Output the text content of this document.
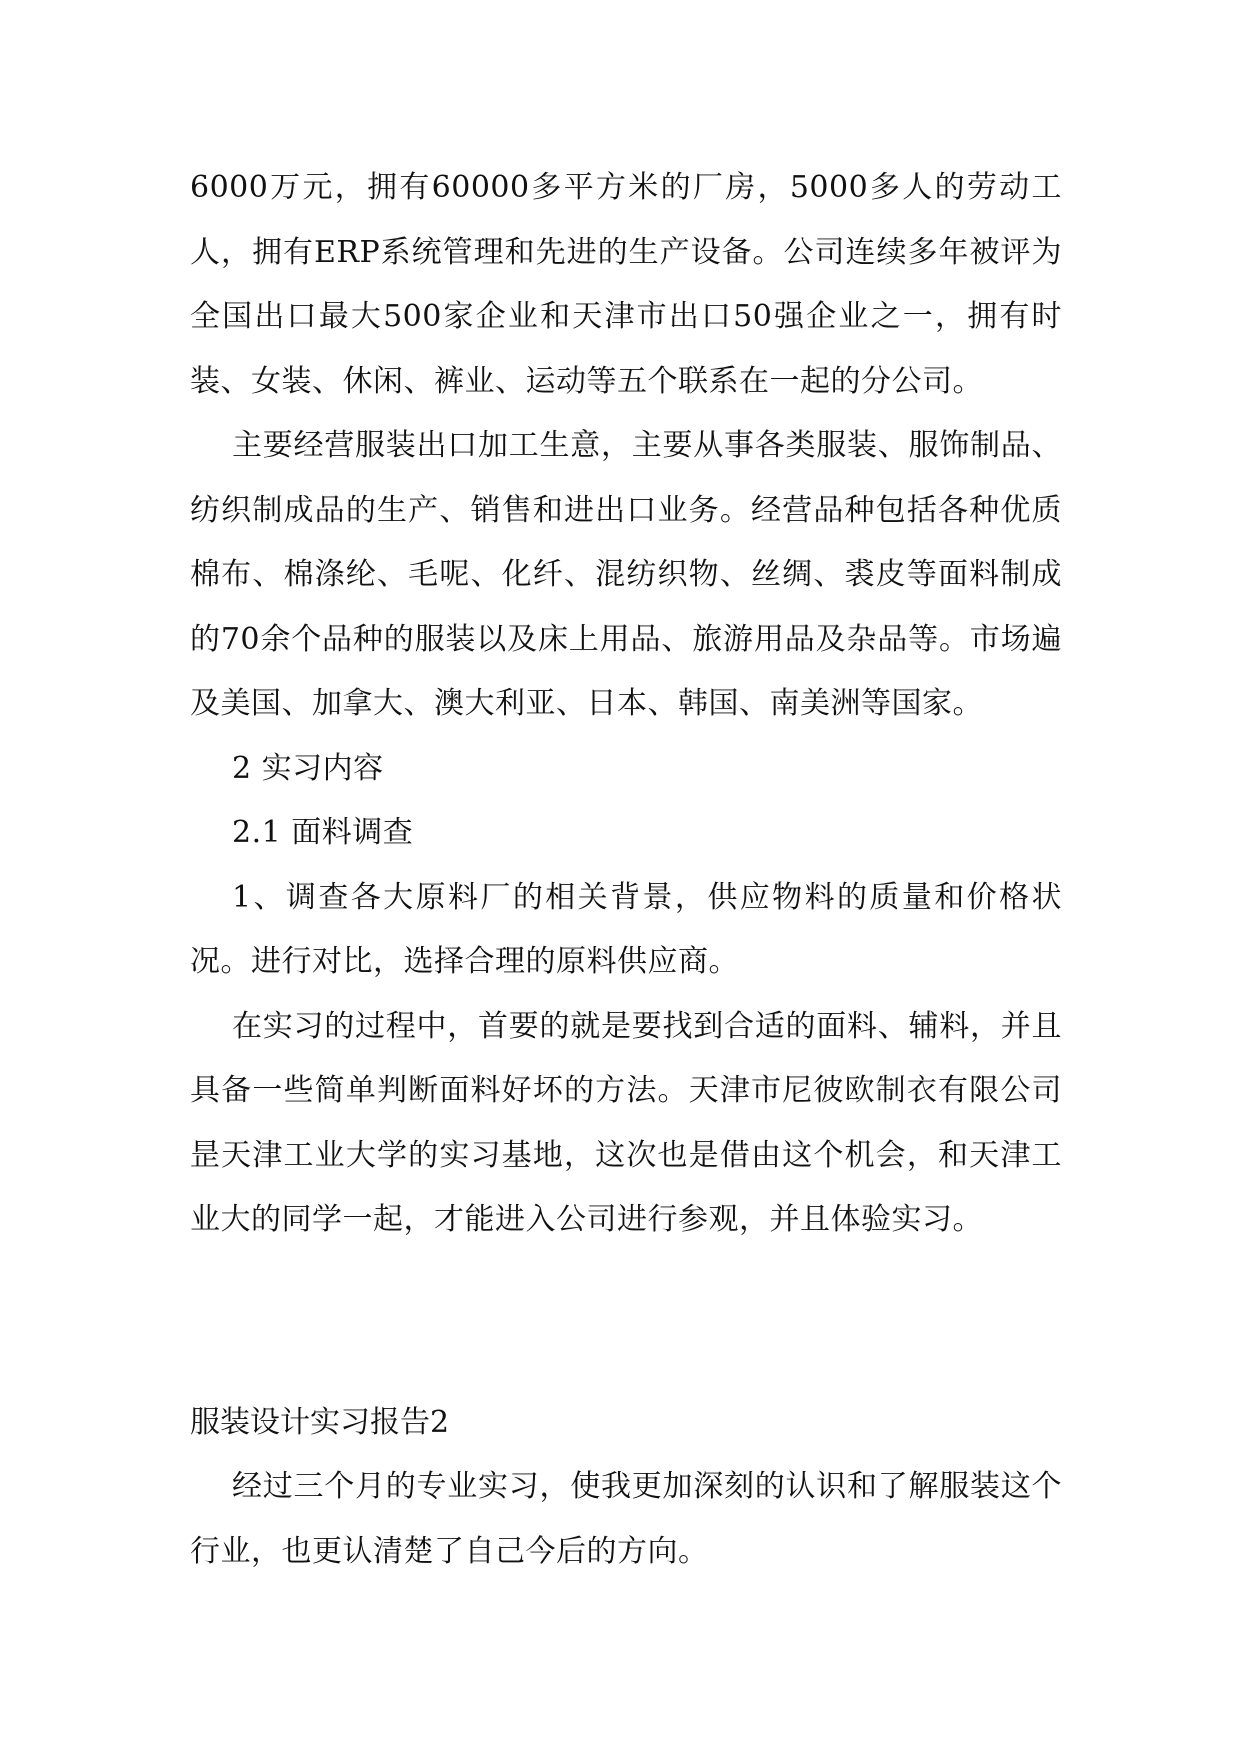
6000万元，拥有60000多平方米的厂房，5000多人的劳动工人，拥有ERP系统管理和先进的生产设备。公司连续多年被评为全国出口最大500家企业和天津市出口50强企业之一，拥有时装、女装、休闲、裤业、运动等五个联系在一起的分公司。

主要经营服装出口加工生意，主要从事各类服装、服饰制品、纺织制成品的生产、销售和进出口业务。经营品种包括各种优质棉布、棉涤纶、毛呢、化纤、混纺织物、丝绸、裘皮等面料制成的70余个品种的服装以及床上用品、旅游用品及杂品等。市场遍及美国、加拿大、澳大利亚、日本、韩国、南美洲等国家。

2 实习内容

2.1 面料调查

1、调查各大原料厂的相关背景，供应物料的质量和价格状况。进行对比，选择合理的原料供应商。

在实习的过程中，首要的就是要找到合适的面料、辅料，并且具备一些简单判断面料好坏的方法。天津市尼彼欧制衣有限公司昰天津工业大学的实习基地，这次也是借由这个机会，和天津工业大的同学一起，才能进入公司进行参观，并且体验实习。

服装设计实习报告2

经过三个月的专业实习，使我更加深刻的认识和了解服装这个行业，也更认清楚了自己今后的方向。
